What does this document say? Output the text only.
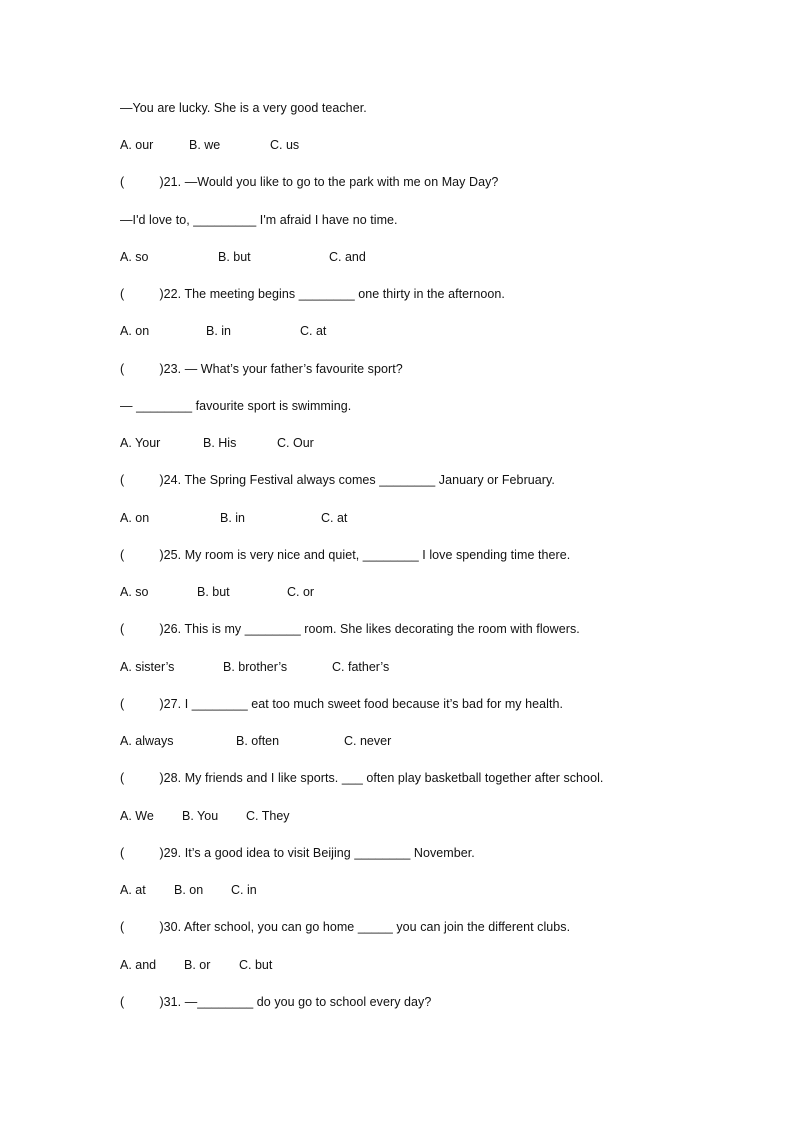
—You are lucky. She is a very good teacher.
A. our	B. we	C. us
(          )21. —Would you like to go to the park with me on May Day?
—I'd love to, _________ I'm afraid I have no time.
A. so	B. but	C. and
(          )22. The meeting begins ________ one thirty in the afternoon.
A. on	B. in	C. at
(          )23. — What’s your father’s favourite sport?
— ________ favourite sport is swimming.
A. Your	B. His	C. Our
(          )24. The Spring Festival always comes ________ January or February.
A. on	B. in	C. at
(          )25. My room is very nice and quiet, ________ I love spending time there.
A. so	B. but	C. or
(          )26. This is my ________ room. She likes decorating the room with flowers.
A. sister’s	B. brother’s	C. father’s
(          )27. I ________ eat too much sweet food because it’s bad for my health.
A. always	B. often	C. never
(          )28. My friends and I like sports. ___ often play basketball together after school.
A. We B. You C. They
(          )29. It’s a good idea to visit Beijing ________ November.
A. at B. on C. in
(          )30. After school, you can go home _____ you can join the different clubs.
A. and B. or C. but
(          )31. —________ do you go to school every day?
